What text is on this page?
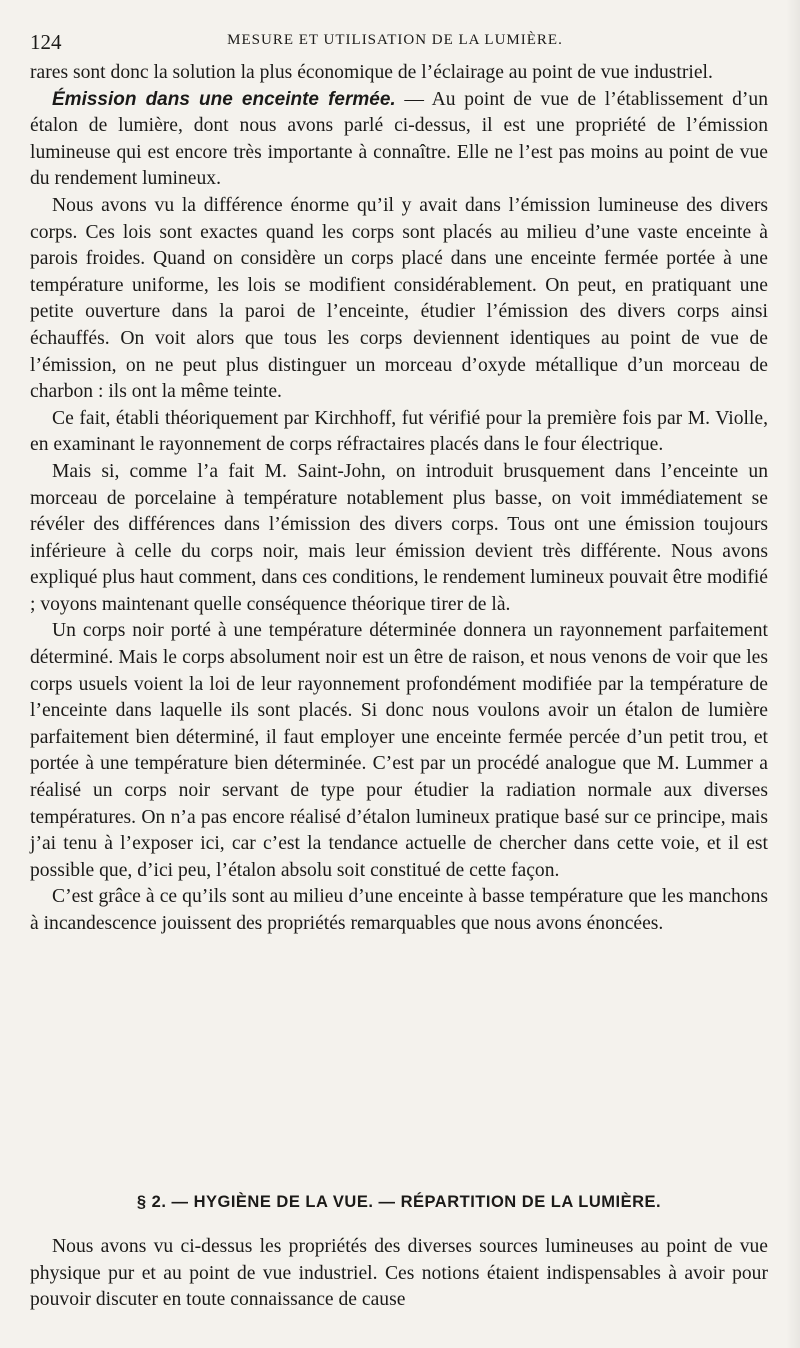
124	MESURE ET UTILISATION DE LA LUMIÈRE.

rares sont donc la solution la plus économique de l’éclairage au point de vue industriel.

Émission dans une enceinte fermée. — Au point de vue de l’établissement d’un étalon de lumière, dont nous avons parlé ci-dessus, il est une propriété de l’émission lumineuse qui est encore très importante à connaître. Elle ne l’est pas moins au point de vue du rendement lumineux.

Nous avons vu la différence énorme qu’il y avait dans l’émission lumineuse des divers corps. Ces lois sont exactes quand les corps sont placés au milieu d’une vaste enceinte à parois froides. Quand on considère un corps placé dans une enceinte fermée portée à une température uniforme, les lois se modifient considérablement. On peut, en pratiquant une petite ouverture dans la paroi de l’enceinte, étudier l’émission des divers corps ainsi échauffés. On voit alors que tous les corps deviennent identiques au point de vue de l’émission, on ne peut plus distinguer un morceau d’oxyde métallique d’un morceau de charbon : ils ont la même teinte.

Ce fait, établi théoriquement par Kirchhoff, fut vérifié pour la première fois par M. Violle, en examinant le rayonnement de corps réfractaires placés dans le four électrique.

Mais si, comme l’a fait M. Saint-John, on introduit brusquement dans l’enceinte un morceau de porcelaine à température notablement plus basse, on voit immédiatement se révéler des différences dans l’émission des divers corps. Tous ont une émission toujours inférieure à celle du corps noir, mais leur émission devient très différente. Nous avons expliqué plus haut comment, dans ces conditions, le rendement lumineux pouvait être modifié ; voyons maintenant quelle conséquence théorique tirer de là.

Un corps noir porté à une température déterminée donnera un rayonnement parfaitement déterminé. Mais le corps absolument noir est un être de raison, et nous venons de voir que les corps usuels voient la loi de leur rayonnement profondément modifiée par la température de l’enceinte dans laquelle ils sont placés. Si donc nous voulons avoir un étalon de lumière parfaitement bien déterminé, il faut employer une enceinte fermée percée d’un petit trou, et portée à une température bien déterminée. C’est par un procédé analogue que M. Lummer a réalisé un corps noir servant de type pour étudier la radiation normale aux diverses températures. On n’a pas encore réalisé d’étalon lumineux pratique basé sur ce principe, mais j’ai tenu à l’exposer ici, car c’est la tendance actuelle de chercher dans cette voie, et il est possible que, d’ici peu, l’étalon absolu soit constitué de cette façon.

C’est grâce à ce qu’ils sont au milieu d’une enceinte à basse température que les manchons à incandescence jouissent des propriétés remarquables que nous avons énoncées.

§ 2. — HYGIÈNE DE LA VUE. — RÉPARTITION DE LA LUMIÈRE.

Nous avons vu ci-dessus les propriétés des diverses sources lumineuses au point de vue physique pur et au point de vue industriel. Ces notions étaient indispensables à avoir pour pouvoir discuter en toute connaissance de cause
